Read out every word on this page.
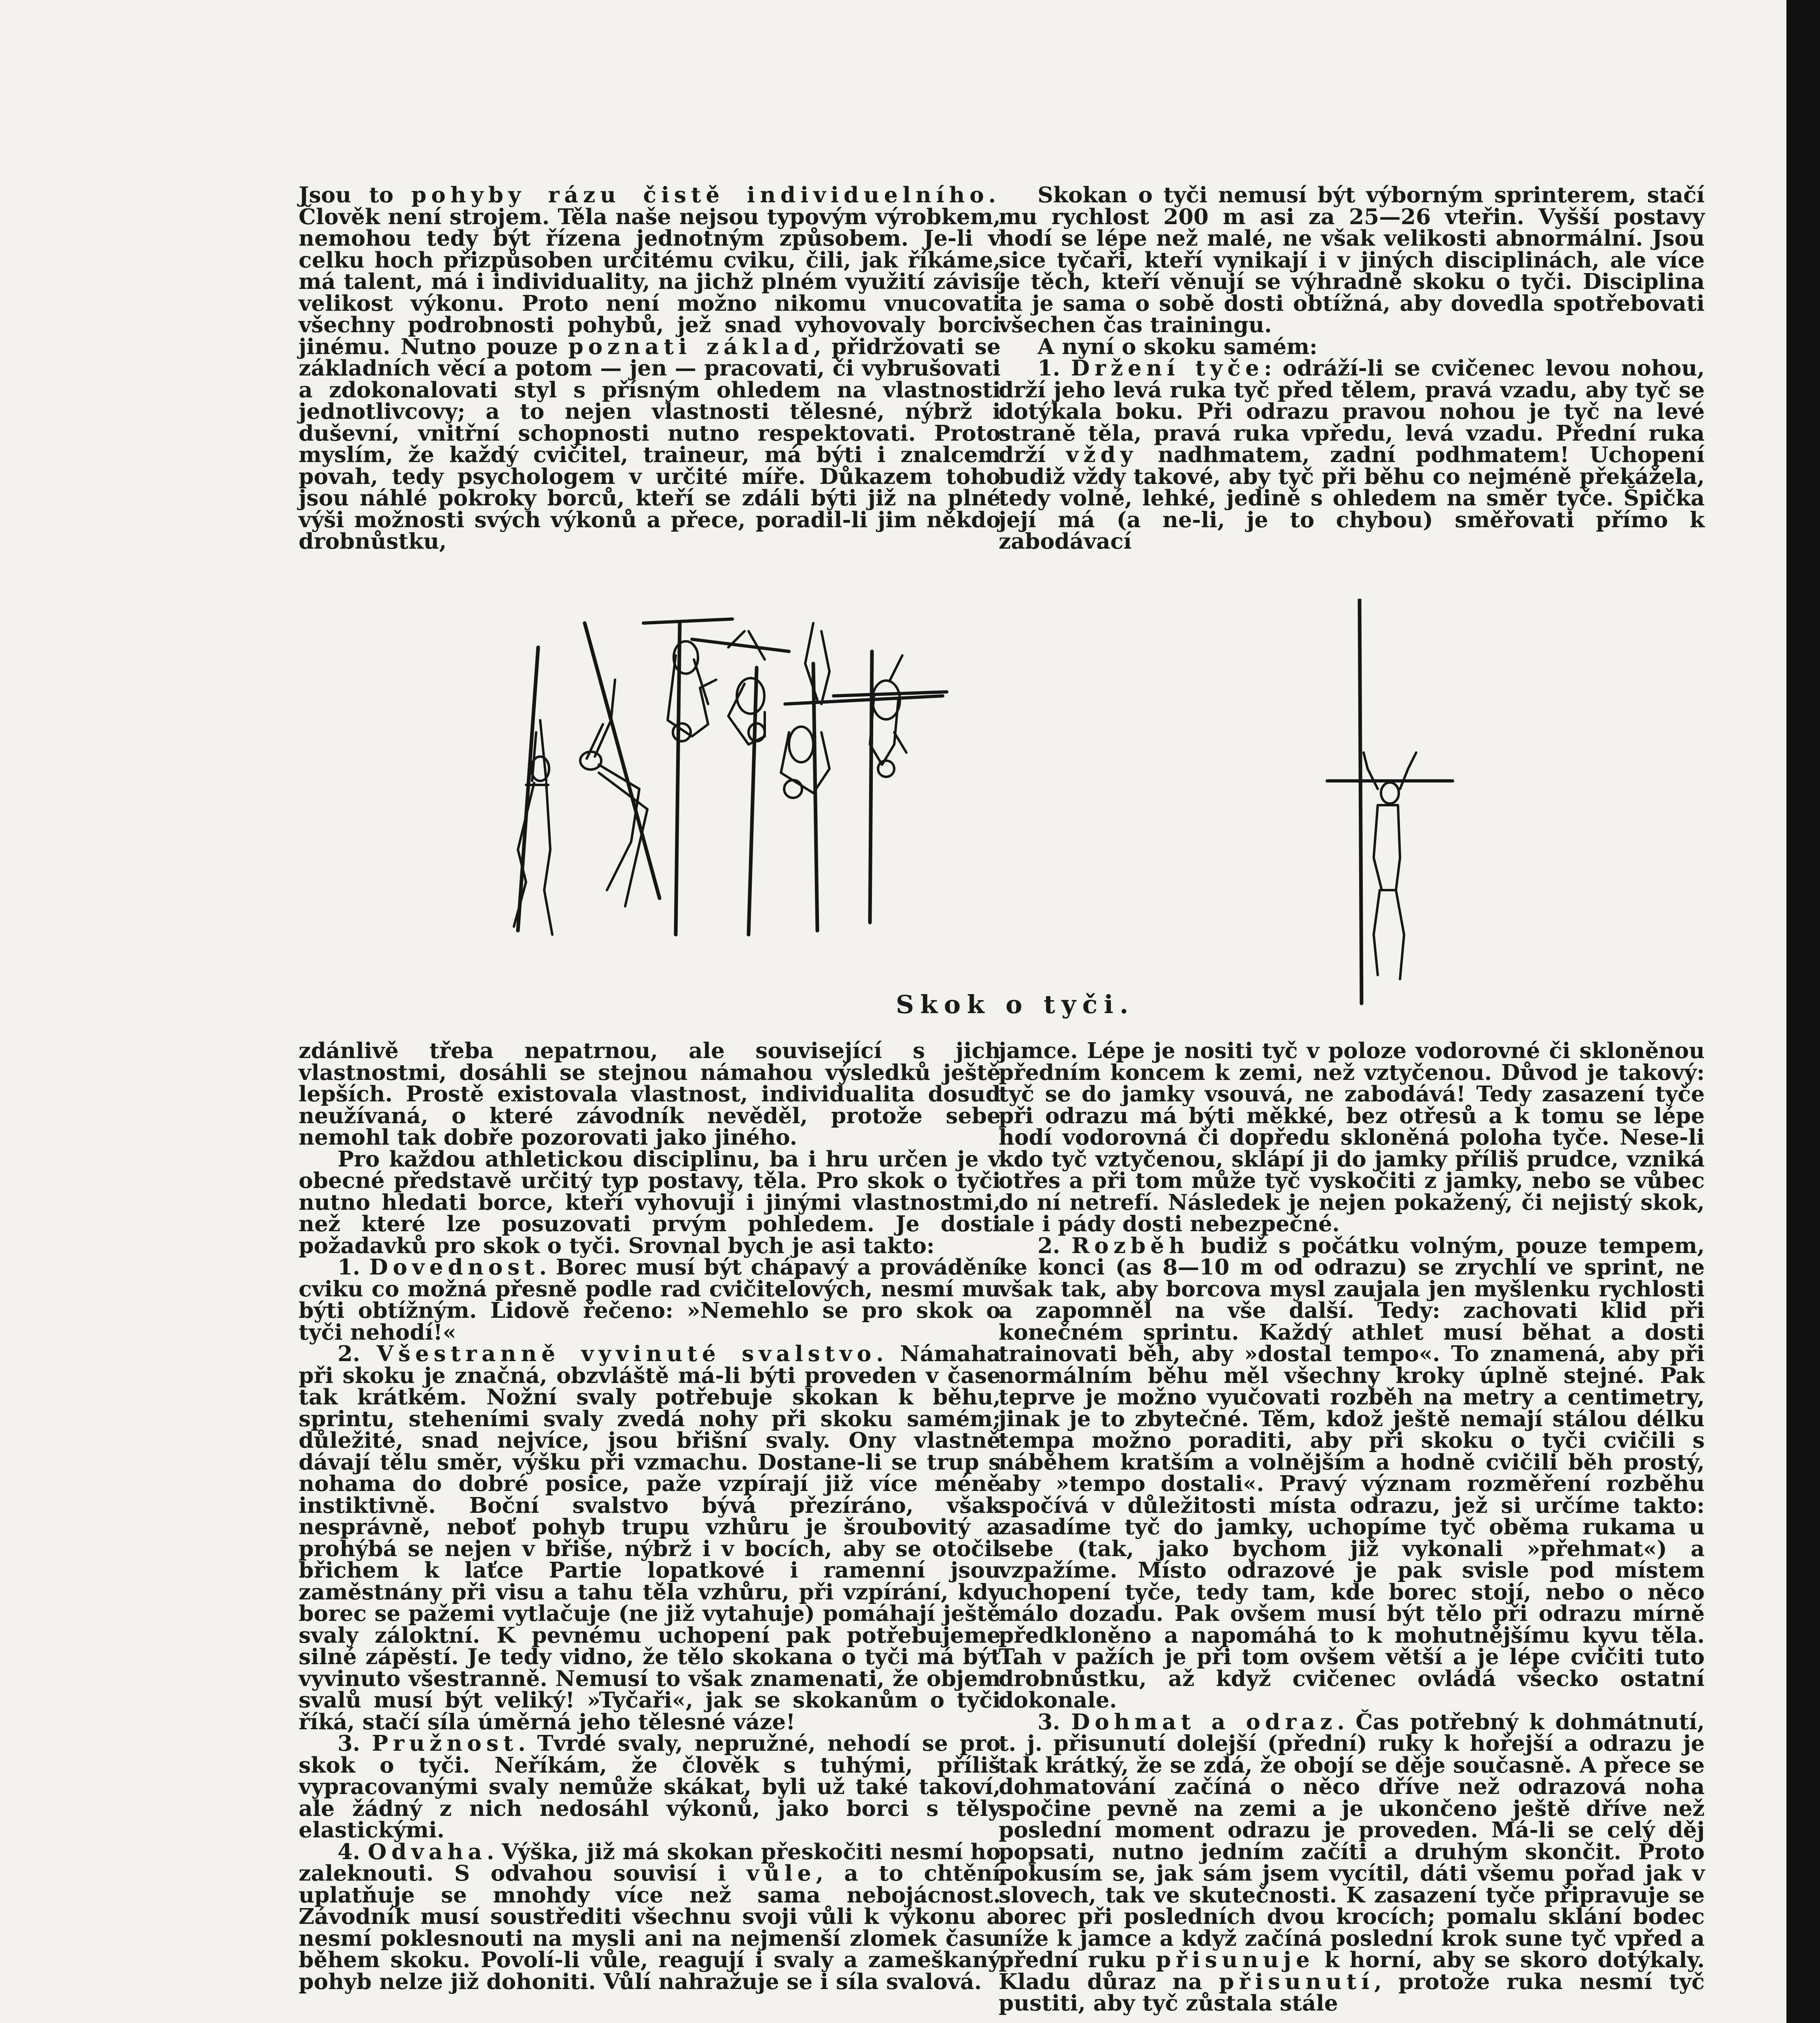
Jsou to pohyby rázu čistě individuelního. Člověk není strojem. Těla naše nejsou typovým výrobkem, nemohou tedy být řízena jednotným způsobem. Je-li v celku hoch přizpůsoben určitému cviku, čili, jak říkáme, má talent, má i individuality, na jichž plném využití závisí velikost výkonu. Proto není možno nikomu vnucovati všechny podrobnosti pohybů, jež snad vyhovovaly borci jinému. Nutno pouze poznati základ, přidržovati se základních věcí a potom — jen — pracovati, či vybrušovati a zdokonalovati styl s přísným ohledem na vlastnosti jednotlivcovy; a to nejen vlastnosti tělesné, nýbrž i duševní, vnitřní schopnosti nutno respektovati. Proto myslím, že každý cvičitel, traineur, má býti i znalcem povah, tedy psychologem v určité míře. Důkazem toho jsou náhlé pokroky borců, kteří se zdáli býti již na plné výši možnosti svých výkonů a přece, poradil-li jim někdo drobnůstku,

Skokan o tyči nemusí být výborným sprinterem, stačí mu rychlost 200 m asi za 25—26 vteřin. Vyšší postavy hodí se lépe než malé, ne však velikosti abnormální. Jsou sice tyčaři, kteří vynikají i v jiných disciplinách, ale více je těch, kteří věnují se výhradně skoku o tyči. Disciplina ta je sama o sobě dosti obtížná, aby dovedla spotřebovati všechen čas trainingu.

A nyní o skoku samém:

1. Držení tyče: odráží-li se cvičenec levou nohou, drží jeho levá ruka tyč před tělem, pravá vzadu, aby tyč se dotýkala boku. Při odrazu pravou nohou je tyč na levé straně těla, pravá ruka vpředu, levá vzadu. Přední ruka drží vždy nadhmatem, zadní podhmatem! Uchopení budiž vždy takové, aby tyč při běhu co nejméně překážela, tedy volné, lehké, jedině s ohledem na směr tyče. Špička její má (a ne-li, je to chybou) směřovati přímo k zabodávací

Skok o tyči.

zdánlivě třeba nepatrnou, ale související s jich vlastnostmi, dosáhli se stejnou námahou výsledků ještě lepších. Prostě existovala vlastnost, individualita dosud neužívaná, o které závodník nevěděl, protože sebe nemohl tak dobře pozorovati jako jiného.

Pro každou athletickou disciplinu, ba i hru určen je v obecné představě určitý typ postavy, těla. Pro skok o tyči nutno hledati borce, kteří vyhovují i jinými vlastnostmi, než které lze posuzovati prvým pohledem. Je dosti požadavků pro skok o tyči. Srovnal bych je asi takto:

1. Dovednost. Borec musí být chápavý a provádění cviku co možná přesně podle rad cvičitelových, nesmí mu býti obtížným. Lidově řečeno: »Nemehlo se pro skok o tyči nehodí!«

2. Všestranně vyvinuté svalstvo. Námaha při skoku je značná, obzvláště má-li býti proveden v čase tak krátkém. Nožní svaly potřebuje skokan k běhu, sprintu, steheními svaly zvedá nohy při skoku samém; důležité, snad nejvíce, jsou břišní svaly. Ony vlastně dávají tělu směr, výšku při vzmachu. Dostane-li se trup s nohama do dobré posice, paže vzpírají již více méně instiktivně. Boční svalstvo bývá přezíráno, však nesprávně, neboť pohyb trupu vzhůru je šroubovitý a prohýbá se nejen v břiše, nýbrž i v bocích, aby se otočil břichem k laťce Partie lopatkové i ramenní jsou zaměstnány při visu a tahu těla vzhůru, při vzpírání, kdy borec se pažemi vytlačuje (ne již vytahuje) pomáhají ještě svaly záloktní. K pevnému uchopení pak potřebujeme silné zápěstí. Je tedy vidno, že tělo skokana o tyči má být vyvinuto všestranně. Nemusí to však znamenati, že objem svalů musí být veliký! »Tyčaři«, jak se skokanům o tyči říká, stačí síla úměrná jeho tělesné váze!

3. Pružnost. Tvrdé svaly, nepružné, nehodí se pro skok o tyči. Neříkám, že člověk s tuhými, příliš vypracovanými svaly nemůže skákat, byli už také takoví, ale žádný z nich nedosáhl výkonů, jako borci s těly elastickými.

4. Odvaha. Výška, již má skokan přeskočiti nesmí ho zaleknouti. S odvahou souvisí i vůle, a to chtění uplatňuje se mnohdy více než sama nebojácnost. Závodník musí soustřediti všechnu svoji vůli k výkonu a nesmí poklesnouti na mysli ani na nejmenší zlomek času během skoku. Povolí-li vůle, reagují i svaly a zameškaný pohyb nelze již dohoniti. Vůlí nahražuje se i síla svalová.

jamce. Lépe je nositi tyč v poloze vodorovné či skloněnou předním koncem k zemi, než vztyčenou. Důvod je takový: tyč se do jamky vsouvá, ne zabodává! Tedy zasazení tyče při odrazu má býti měkké, bez otřesů a k tomu se lépe hodí vodorovná či dopředu skloněná poloha tyče. Nese-li kdo tyč vztyčenou, sklápí ji do jamky příliš prudce, vzniká otřes a při tom může tyč vyskočiti z jamky, nebo se vůbec do ní netrefí. Následek je nejen pokažený, či nejistý skok, ale i pády dosti nebezpečné.

2. Rozběh budiž s počátku volným, pouze tempem, ke konci (as 8—10 m od odrazu) se zrychlí ve sprint, ne však tak, aby borcova mysl zaujala jen myšlenku rychlosti a zapomněl na vše další. Tedy: zachovati klid při konečném sprintu. Každý athlet musí běhat a dosti trainovati běh, aby »dostal tempo«. To znamená, aby při normálním běhu měl všechny kroky úplně stejné. Pak teprve je možno vyučovati rozběh na metry a centimetry, jinak je to zbytečné. Těm, kdož ještě nemají stálou délku tempa možno poraditi, aby při skoku o tyči cvičili s náběhem kratším a volnějším a hodně cvičili běh prostý, aby »tempo dostali«. Pravý význam rozměření rozběhu spočívá v důležitosti místa odrazu, jež si určíme takto: zasadíme tyč do jamky, uchopíme tyč oběma rukama u sebe (tak, jako bychom již vykonali »přehmat«) a vzpažíme. Místo odrazové je pak svisle pod místem uchopení tyče, tedy tam, kde borec stojí, nebo o něco málo dozadu. Pak ovšem musí být tělo při odrazu mírně předkloněno a napomáhá to k mohutnějšímu kyvu těla. Tah v pažích je při tom ovšem větší a je lépe cvičiti tuto drobnůstku, až když cvičenec ovládá všecko ostatní dokonale.

3. Dohmat a odraz. Čas potřebný k dohmátnutí, t. j. přisunutí dolejší (přední) ruky k hořejší a odrazu je tak krátký, že se zdá, že obojí se děje současně. A přece se dohmatování začíná o něco dříve než odrazová noha spočine pevně na zemi a je ukončeno ještě dříve než poslední moment odrazu je proveden. Má-li se celý děj popsati, nutno jedním začíti a druhým skončit. Proto pokusím se, jak sám jsem vycítil, dáti všemu pořad jak v slovech, tak ve skutečnosti. K zasazení tyče připravuje se borec při posledních dvou krocích; pomalu sklání bodec níže k jamce a když začíná poslední krok sune tyč vpřed a přední ruku přisunuje k horní, aby se skoro dotýkaly. Kladu důraz na přisunutí, protože ruka nesmí tyč pustiti, aby tyč zůstala stále
